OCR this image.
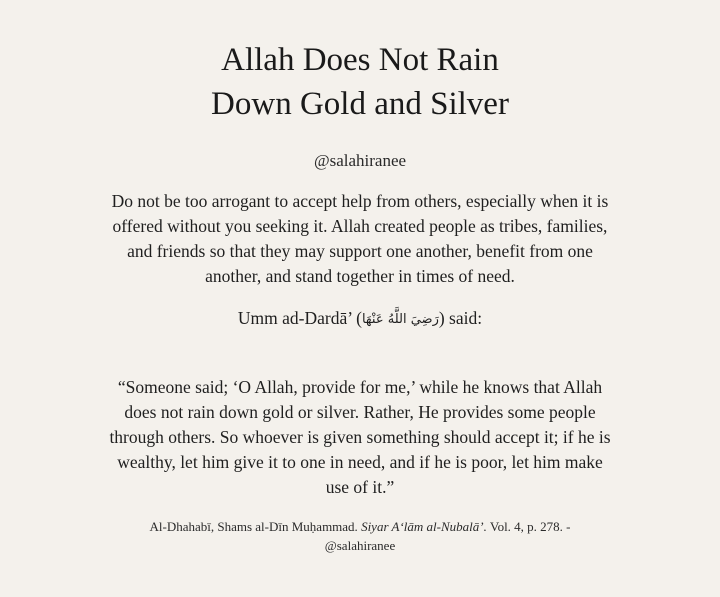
Allah Does Not Rain
Down Gold and Silver
@salahiranee
Do not be too arrogant to accept help from others, especially when it is
offered without you seeking it. Allah created people as tribes, families,
and friends so that they may support one another, benefit from one
another, and stand together in times of need.
Umm ad-Dardā’ (رَضِيَ اللَّهُ عَنْهَا) said:
“Someone said; ‘O Allah, provide for me,’ while he knows that Allah
does not rain down gold or silver. Rather, He provides some people
through others. So whoever is given something should accept it; if he is
wealthy, let him give it to one in need, and if he is poor, let him make
use of it.”
Al-Dhahabī, Shams al-Dīn Muḥammad. Siyar A‘lām al-Nubalā’. Vol. 4, p. 278. -
@salahiranee
